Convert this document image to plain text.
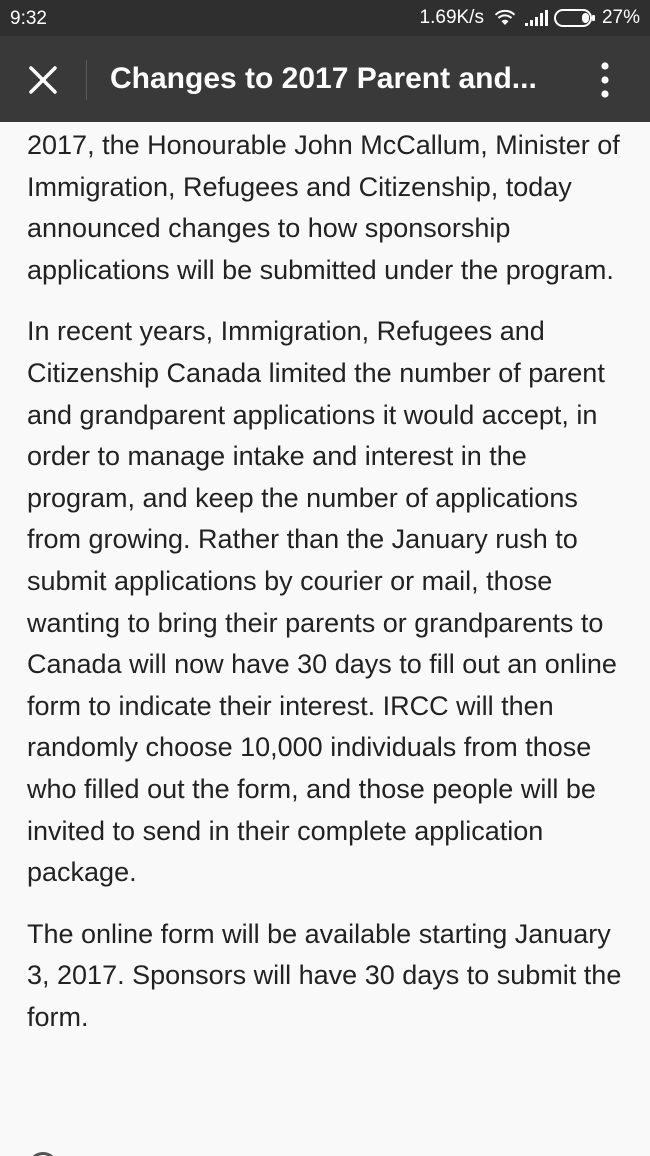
9:32	1.69K/s	27%
Changes to 2017 Parent and...

2017, the Honourable John McCallum, Minister of Immigration, Refugees and Citizenship, today announced changes to how sponsorship applications will be submitted under the program.

In recent years, Immigration, Refugees and Citizenship Canada limited the number of parent and grandparent applications it would accept, in order to manage intake and interest in the program, and keep the number of applications from growing. Rather than the January rush to submit applications by courier or mail, those wanting to bring their parents or grandparents to Canada will now have 30 days to fill out an online form to indicate their interest. IRCC will then randomly choose 10,000 individuals from those who filled out the form, and those people will be invited to send in their complete application package.

The online form will be available starting January 3, 2017. Sponsors will have 30 days to submit the form.
